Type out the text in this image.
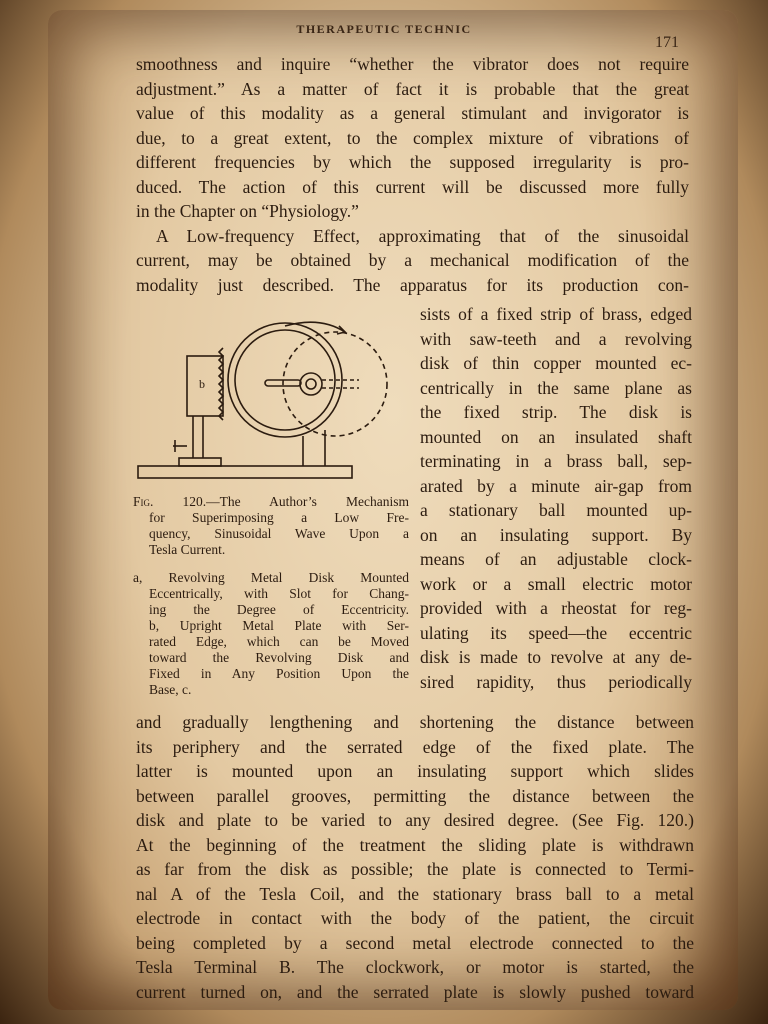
THERAPEUTIC TECHNIC
171
smoothness and inquire “whether the vibrator does not require
adjustment.” As a matter of fact it is probable that the great
value of this modality as a general stimulant and invigorator is
due, to a great extent, to the complex mixture of vibrations of
different frequencies by which the supposed irregularity is pro-
duced. The action of this current will be discussed more fully
in the Chapter on “Physiology.”
A Low-frequency Effect, approximating that of the sinusoidal
current, may be obtained by a mechanical modification of the
modality just described. The apparatus for its production con-
b
Fig. 120.—The Author’s Mechanism
for Superimposing a Low Fre-
quency, Sinusoidal Wave Upon a
Tesla Current.
a, Revolving Metal Disk Mounted
Eccentrically, with Slot for Chang-
ing the Degree of Eccentricity.
b, Upright Metal Plate with Ser-
rated Edge, which can be Moved
toward the Revolving Disk and
Fixed in Any Position Upon the
Base, c.
sists of a fixed strip of brass, edged
with saw-teeth and a revolving
disk of thin copper mounted ec-
centrically in the same plane as
the fixed strip. The disk is
mounted on an insulated shaft
terminating in a brass ball, sep-
arated by a minute air-gap from
a stationary ball mounted up-
on an insulating support. By
means of an adjustable clock-
work or a small electric motor
provided with a rheostat for reg-
ulating its speed—the eccentric
disk is made to revolve at any de-
sired rapidity, thus periodically
and gradually lengthening and shortening the distance between
its periphery and the serrated edge of the fixed plate. The
latter is mounted upon an insulating support which slides
between parallel grooves, permitting the distance between the
disk and plate to be varied to any desired degree. (See Fig. 120.)
At the beginning of the treatment the sliding plate is withdrawn
as far from the disk as possible; the plate is connected to Termi-
nal A of the Tesla Coil, and the stationary brass ball to a metal
electrode in contact with the body of the patient, the circuit
being completed by a second metal electrode connected to the
Tesla Terminal B. The clockwork, or motor is started, the
current turned on, and the serrated plate is slowly pushed toward
